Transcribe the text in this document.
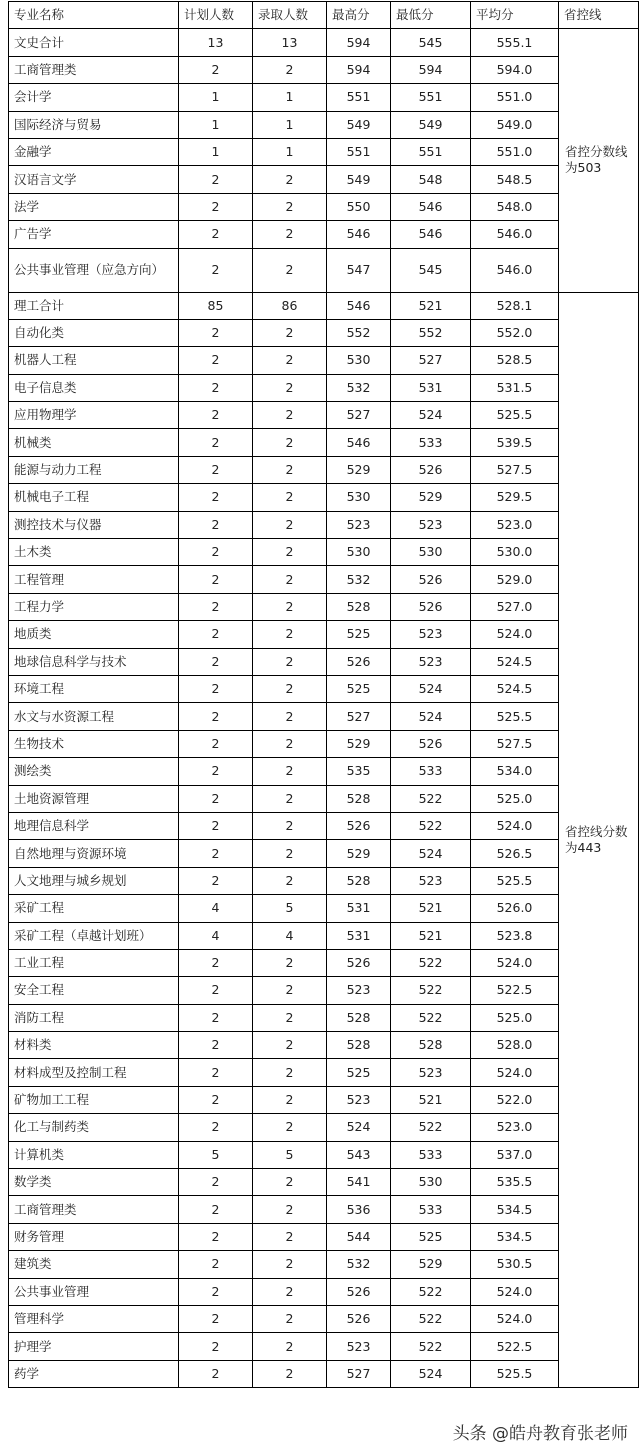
专业名称	计划人数	录取人数	最高分	最低分	平均分	省控线
文史合计	13	13	594	545	555.1	省控分数线为503
工商管理类	2	2	594	594	594.0	
会计学	1	1	551	551	551.0	
国际经济与贸易	1	1	549	549	549.0	
金融学	1	1	551	551	551.0	
汉语言文学	2	2	549	548	548.5	
法学	2	2	550	546	548.0	
广告学	2	2	546	546	546.0	
公共事业管理（应急方向）	2	2	547	545	546.0	
理工合计	85	86	546	521	528.1	省控线分数为443
自动化类	2	2	552	552	552.0	
机器人工程	2	2	530	527	528.5	
电子信息类	2	2	532	531	531.5	
应用物理学	2	2	527	524	525.5	
机械类	2	2	546	533	539.5	
能源与动力工程	2	2	529	526	527.5	
机械电子工程	2	2	530	529	529.5	
测控技术与仪器	2	2	523	523	523.0	
土木类	2	2	530	530	530.0	
工程管理	2	2	532	526	529.0	
工程力学	2	2	528	526	527.0	
地质类	2	2	525	523	524.0	
地球信息科学与技术	2	2	526	523	524.5	
环境工程	2	2	525	524	524.5	
水文与水资源工程	2	2	527	524	525.5	
生物技术	2	2	529	526	527.5	
测绘类	2	2	535	533	534.0	
土地资源管理	2	2	528	522	525.0	
地理信息科学	2	2	526	522	524.0	
自然地理与资源环境	2	2	529	524	526.5	
人文地理与城乡规划	2	2	528	523	525.5	
采矿工程	4	5	531	521	526.0	
采矿工程（卓越计划班）	4	4	531	521	523.8	
工业工程	2	2	526	522	524.0	
安全工程	2	2	523	522	522.5	
消防工程	2	2	528	522	525.0	
材料类	2	2	528	528	528.0	
材料成型及控制工程	2	2	525	523	524.0	
矿物加工工程	2	2	523	521	522.0	
化工与制药类	2	2	524	522	523.0	
计算机类	5	5	543	533	537.0	
数学类	2	2	541	530	535.5	
工商管理类	2	2	536	533	534.5	
财务管理	2	2	544	525	534.5	
建筑类	2	2	532	529	530.5	
公共事业管理	2	2	526	522	524.0	
管理科学	2	2	526	522	524.0	
护理学	2	2	523	522	522.5	
药学	2	2	527	524	525.5	
头条 @皓舟教育张老师
